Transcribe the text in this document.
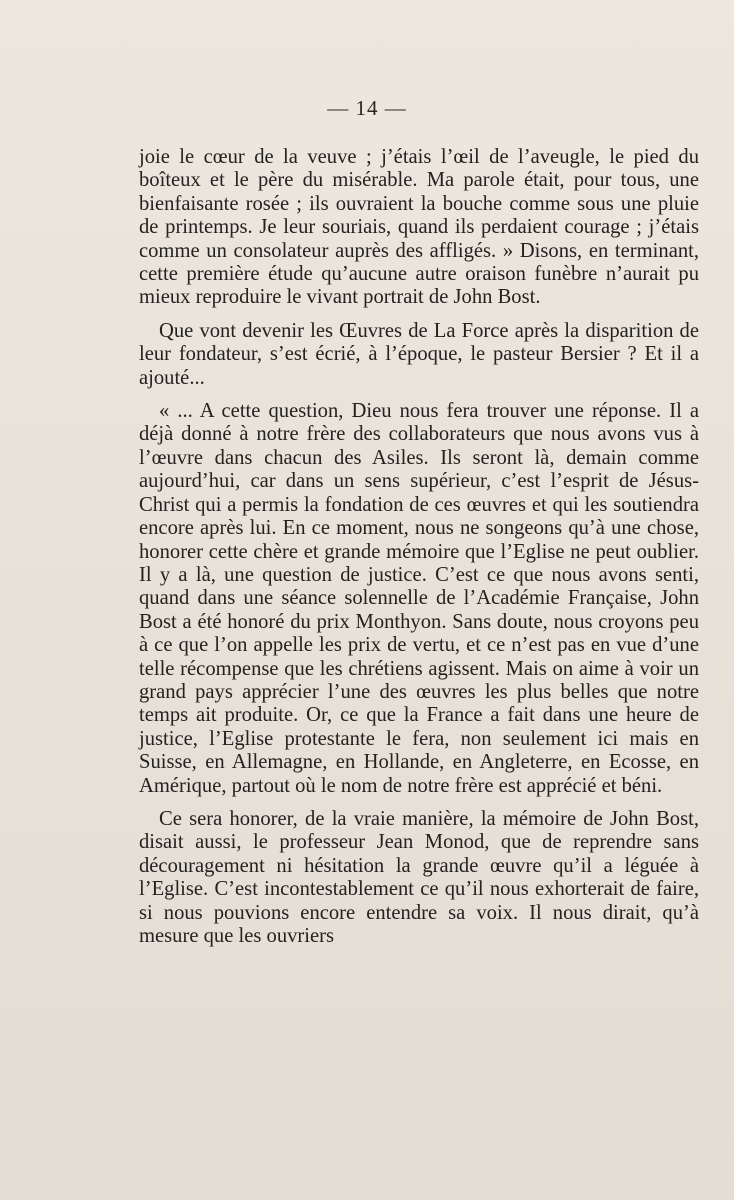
— 14 —

joie le cœur de la veuve ; j’étais l’œil de l’aveugle, le pied du boîteux et le père du misérable. Ma parole était, pour tous, une bienfaisante rosée ; ils ouvraient la bouche comme sous une pluie de printemps. Je leur souriais, quand ils perdaient courage ; j’étais comme un consolateur auprès des affligés. » Disons, en terminant, cette première étude qu’aucune autre oraison funèbre n’aurait pu mieux reproduire le vivant portrait de John Bost.

Que vont devenir les Œuvres de La Force après la disparition de leur fondateur, s’est écrié, à l’époque, le pasteur Bersier ? Et il a ajouté...

« ... A cette question, Dieu nous fera trouver une réponse. Il a déjà donné à notre frère des collaborateurs que nous avons vus à l’œuvre dans chacun des Asiles. Ils seront là, demain comme aujourd’hui, car dans un sens supérieur, c’est l’esprit de Jésus-Christ qui a permis la fondation de ces œuvres et qui les soutiendra encore après lui. En ce moment, nous ne songeons qu’à une chose, honorer cette chère et grande mémoire que l’Eglise ne peut oublier. Il y a là, une question de justice. C’est ce que nous avons senti, quand dans une séance solennelle de l’Académie Française, John Bost a été honoré du prix Monthyon. Sans doute, nous croyons peu à ce que l’on appelle les prix de vertu, et ce n’est pas en vue d’une telle récompense que les chrétiens agissent. Mais on aime à voir un grand pays apprécier l’une des œuvres les plus belles que notre temps ait produite. Or, ce que la France a fait dans une heure de justice, l’Eglise protestante le fera, non seulement ici mais en Suisse, en Allemagne, en Hollande, en Angleterre, en Ecosse, en Amérique, partout où le nom de notre frère est apprécié et béni.

Ce sera honorer, de la vraie manière, la mémoire de John Bost, disait aussi, le professeur Jean Monod, que de reprendre sans découragement ni hésitation la grande œuvre qu’il a léguée à l’Eglise. C’est incontestablement ce qu’il nous exhorterait de faire, si nous pouvions encore entendre sa voix. Il nous dirait, qu’à mesure que les ouvriers
